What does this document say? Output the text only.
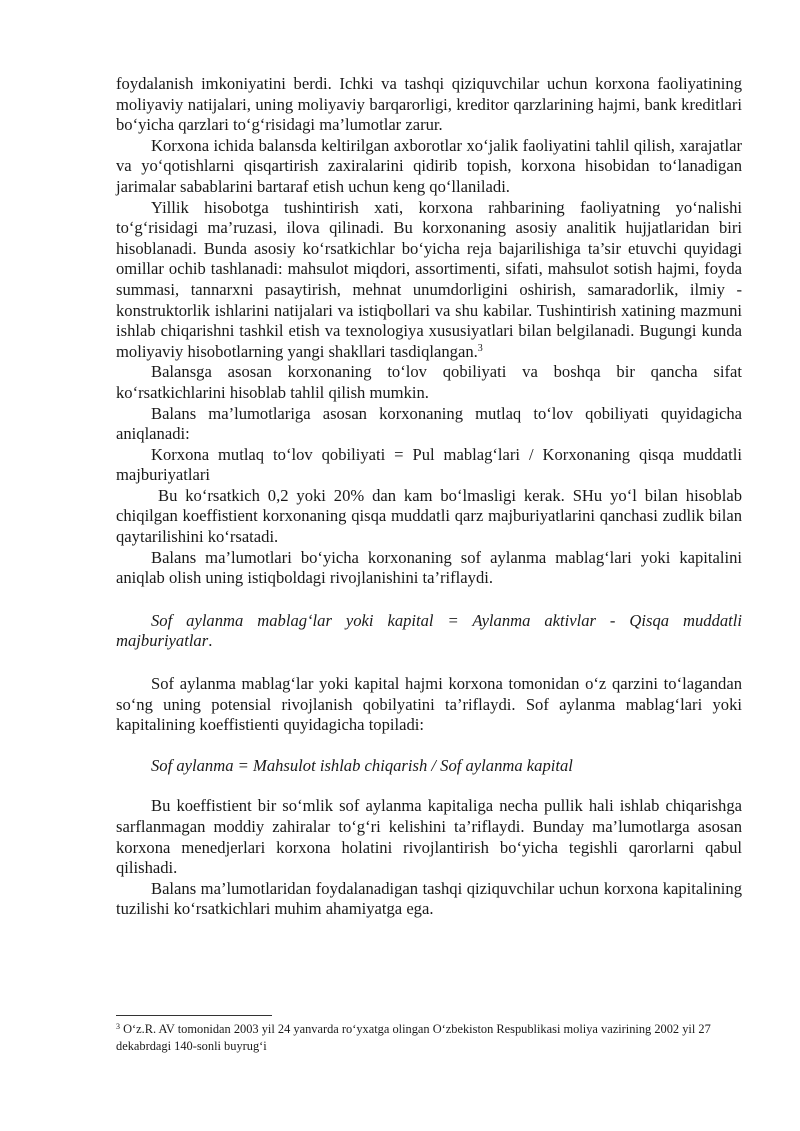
foydalanish imkoniyatini berdi. Ichki va tashqi qiziquvchilar uchun korxona faoliyatining moliyaviy natijalari, uning moliyaviy barqarorligi, kreditor qarzlarining hajmi, bank kreditlari bo‘yicha qarzlari to‘g‘risidagi ma’lumotlar zarur.

Korxona ichida balansda keltirilgan axborotlar xo‘jalik faoliyatini tahlil qilish, xarajatlar va yo‘qotishlarni qisqartirish zaxiralarini qidirib topish, korxona hisobidan to‘lanadigan jarimalar sabablarini bartaraf etish uchun keng qo‘llaniladi.

Yillik hisobotga tushintirish xati, korxona rahbarining faoliyatning yo‘nalishi to‘g‘risidagi ma’ruzasi, ilova qilinadi. Bu korxonaning asosiy analitik hujjatlaridan biri hisoblanadi. Bunda asosiy ko‘rsatkichlar bo‘yicha reja bajarilishiga ta’sir etuvchi quyidagi omillar ochib tashlanadi: mahsulot miqdori, assortimenti, sifati, mahsulot sotish hajmi, foyda summasi, tannarxni pasaytirish, mehnat unumdorligini oshirish, samaradorlik, ilmiy - konstruktorlik ishlarini natijalari va istiqbollari va shu kabilar. Tushintirish xatining mazmuni ishlab chiqarishni tashkil etish va texnologiya xususiyatlari bilan belgilanadi. Bugungi kunda moliyaviy hisobotlarning yangi shakllari tasdiqlangan.$^3$

Balansga asosan korxonaning to‘lov qobiliyati va boshqa bir qancha sifat ko‘rsatkichlarini hisoblab tahlil qilish mumkin.

Balans ma’lumotlariga asosan korxonaning mutlaq to‘lov qobiliyati quyidagicha aniqlanadi:

Korxona mutlaq to‘lov qobiliyati = Pul mablag‘lari / Korxonaning qisqa muddatli majburiyatlari

Bu ko‘rsatkich 0,2 yoki 20% dan kam bo‘lmasligi kerak. SHu yo‘l bilan hisoblab chiqilgan koeffistient korxonaning qisqa muddatli qarz majburiyatlarini qanchasi zudlik bilan qaytarilishini ko‘rsatadi.

Balans ma’lumotlari bo‘yicha korxonaning sof aylanma mablag‘lari yoki kapitalini aniqlab olish uning istiqboldagi rivojlanishini ta’riflaydi.

Sof aylanma mablag‘lar yoki kapital = Aylanma aktivlar - Qisqa muddatli majburiyatlar.

Sof aylanma mablag‘lar yoki kapital hajmi korxona tomonidan o‘z qarzini to‘lagandan so‘ng uning potensial rivojlanish qobilyatini ta’riflaydi. Sof aylanma mablag‘lari yoki kapitalining koeffistienti quyidagicha topiladi:

Sof aylanma = Mahsulot ishlab chiqarish / Sof aylanma kapital

Bu koeffistient bir so‘mlik sof aylanma kapitaliga necha pullik hali ishlab chiqarishga sarflanmagan moddiy zahiralar to‘g‘ri kelishini ta’riflaydi. Bunday ma’lumotlarga asosan korxona menedjerlari korxona holatini rivojlantirish bo‘yicha tegishli qarorlarni qabul qilishadi.

Balans ma’lumotlaridan foydalanadigan tashqi qiziquvchilar uchun korxona kapitalining tuzilishi ko‘rsatkichlari muhim ahamiyatga ega.

$^3$ O‘z.R. AV tomonidan 2003 yil 24 yanvarda ro‘yxatga olingan O‘zbekiston Respublikasi moliya vazirining 2002 yil 27 dekabrdagi 140-sonli buyrug‘i
